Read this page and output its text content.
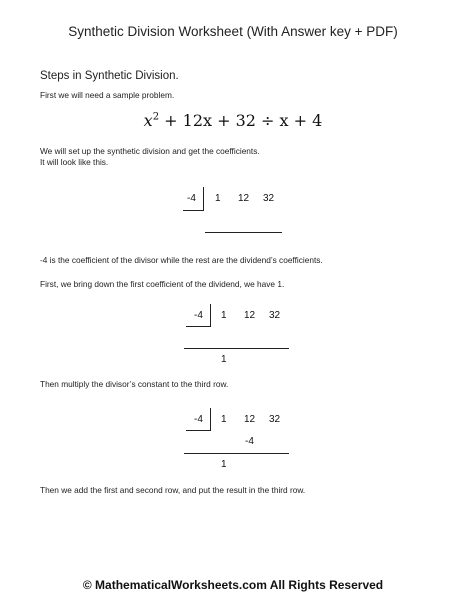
Synthetic Division Worksheet (With Answer key + PDF)
Steps in Synthetic Division.
First we will need a sample problem.
$x^2 + 12x + 32 \div x + 4$
We will set up the synthetic division and get the coefficients.
It will look like this.
-4 1 12 32
-4 is the coefficient of the divisor while the rest are the dividend’s coefficients.
First, we bring down the first coefficient of the dividend, we have 1.
-4 1 12 32
1
Then multiply the divisor’s constant to the third row.
-4 1 12 32
-4
1
Then we add the first and second row, and put the result in the third row.
© MathematicalWorksheets.com All Rights Reserved
